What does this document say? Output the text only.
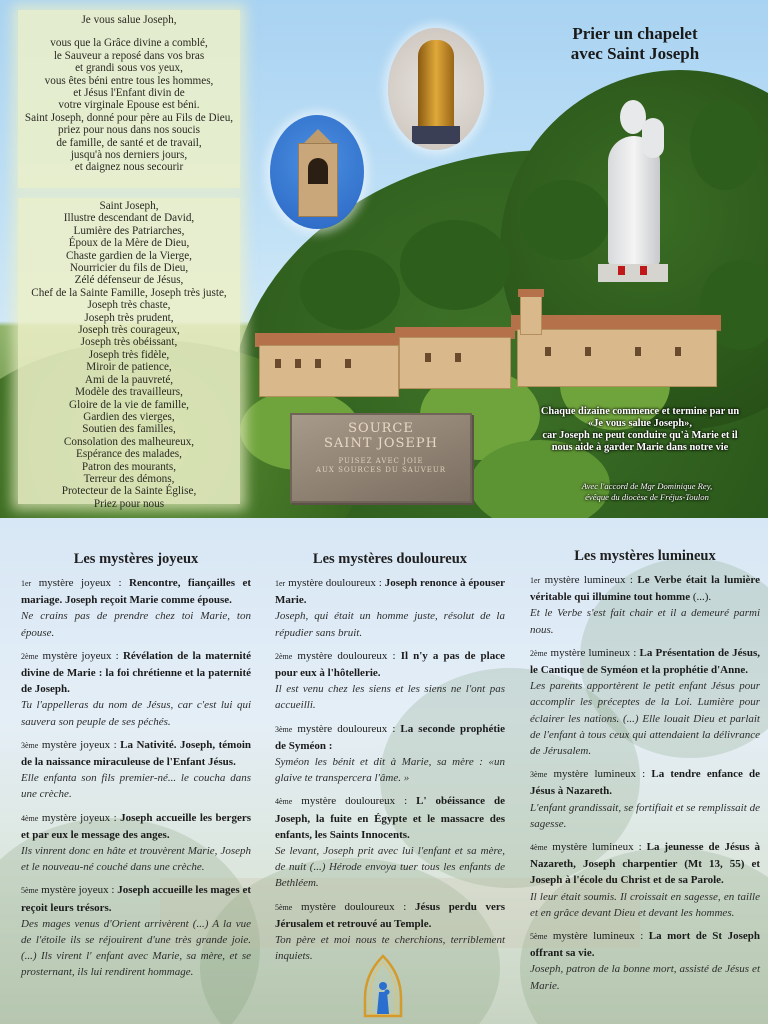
Je vous salue Joseph,
vous que la Grâce divine a comblé,
le Sauveur a reposé dans vos bras
et grandi sous vos yeux,
vous êtes béni entre tous les hommes,
et Jésus l'Enfant divin de
votre virginale Epouse est béni.
Saint Joseph, donné pour père au Fils de Dieu,
priez pour nous dans nos soucis
de famille, de santé et de travail,
jusqu'à nos derniers jours,
et daignez nous secourir
Saint Joseph,
Illustre descendant de David,
Lumière des Patriarches,
Époux de la Mère de Dieu,
Chaste gardien de la Vierge,
Nourricier du fils de Dieu,
Zélé défenseur de Jésus,
Chef de la Sainte Famille, Joseph très juste,
Joseph très chaste,
Joseph très prudent,
Joseph très courageux,
Joseph très obéissant,
Joseph très fidèle,
Miroir de patience,
Ami de la pauvreté,
Modèle des travailleurs,
Gloire de la vie de famille,
Gardien des vierges,
Soutien des familles,
Consolation des malheureux,
Espérance des malades,
Patron des mourants,
Terreur des démons,
Protecteur de la Sainte Église,
Priez pour nous
Prier un chapelet
avec Saint Joseph
SOURCE
SAINT JOSEPH
PUISEZ AVEC JOIE
AUX SOURCES DU SAUVEUR
Chaque dizaine commence et termine par un
«Je vous salue Joseph»,
car Joseph ne peut conduire qu'à Marie et il
nous aide à garder Marie dans notre vie
Avec l'accord de Mgr Dominique Rey,
évêque du diocèse de Fréjus-Toulon
Les mystères joyeux
1er mystère joyeux : Rencontre, fiançailles et mariage. Joseph reçoit Marie comme épouse.
Ne crains pas de prendre chez toi Marie, ton épouse.
2ème mystère joyeux : Révélation de la maternité divine de Marie : la foi chrétienne et la paternité de Joseph.
Tu l'appelleras du nom de Jésus, car c'est lui qui sauvera son peuple de ses péchés.
3ème mystère joyeux : La Nativité. Joseph, témoin de la naissance miraculeuse de l'Enfant Jésus.
Elle enfanta son fils premier-né... le coucha dans une crèche.
4ème mystère joyeux : Joseph accueille les bergers et par eux le message des anges.
Ils vinrent donc en hâte et trouvèrent Marie, Joseph et le nouveau-né couché dans une crèche.
5ème mystère joyeux : Joseph accueille les mages et reçoit leurs trésors.
Des mages venus d'Orient arrivèrent (...) A la vue de l'étoile ils se réjouirent d'une très grande joie. (...) Ils virent l' enfant avec Marie, sa mère, et se prosternant, ils lui rendirent hommage.
Les mystères douloureux
1er mystère douloureux : Joseph renonce à épouser Marie.
Joseph, qui était un homme juste, résolut de la répudier sans bruit.
2ème mystère douloureux : Il n'y a pas de place pour eux à l'hôtellerie.
Il est venu chez les siens et les siens ne l'ont pas accueilli.
3ème mystère douloureux : La seconde prophétie de Syméon :
Syméon les bénit et dit à Marie, sa mère : «un glaive te transpercera l'âme. »
4ème mystère douloureux : L' obéissance de Joseph, la fuite en Égypte et le massacre des enfants, les Saints Innocents.
Se levant, Joseph prit avec lui l'enfant et sa mère, de nuit (...) Hérode envoya tuer tous les enfants de Bethléem.
5ème mystère douloureux : Jésus perdu vers Jérusalem et retrouvé au Temple.
Ton père et moi nous te cherchions, terriblement inquiets.
Les mystères lumineux
1er mystère lumineux : Le Verbe était la lumière véritable qui illumine tout homme (...).
Et le Verbe s'est fait chair et il a demeuré parmi nous.
2ème mystère lumineux : La Présentation de Jésus, le Cantique de Syméon et la prophétie d'Anne.
Les parents apportèrent le petit enfant Jésus pour accomplir les préceptes de la Loi. Lumière pour éclairer les nations. (...) Elle louait Dieu et parlait de l'enfant à tous ceux qui attendaient la délivrance de Jérusalem.
3ème mystère lumineux : La tendre enfance de Jésus à Nazareth.
L'enfant grandissait, se fortifiait et se remplissait de sagesse.
4ème mystère lumineux : La jeunesse de Jésus à Nazareth, Joseph charpentier (Mt 13, 55) et Joseph à l'école du Christ et de sa Parole.
Il leur était soumis. Il croissait en sagesse, en taille et en grâce devant Dieu et devant les hommes.
5ème mystère lumineux : La mort de St Joseph offrant sa vie.
Joseph, patron de la bonne mort, assisté de Jésus et Marie.
